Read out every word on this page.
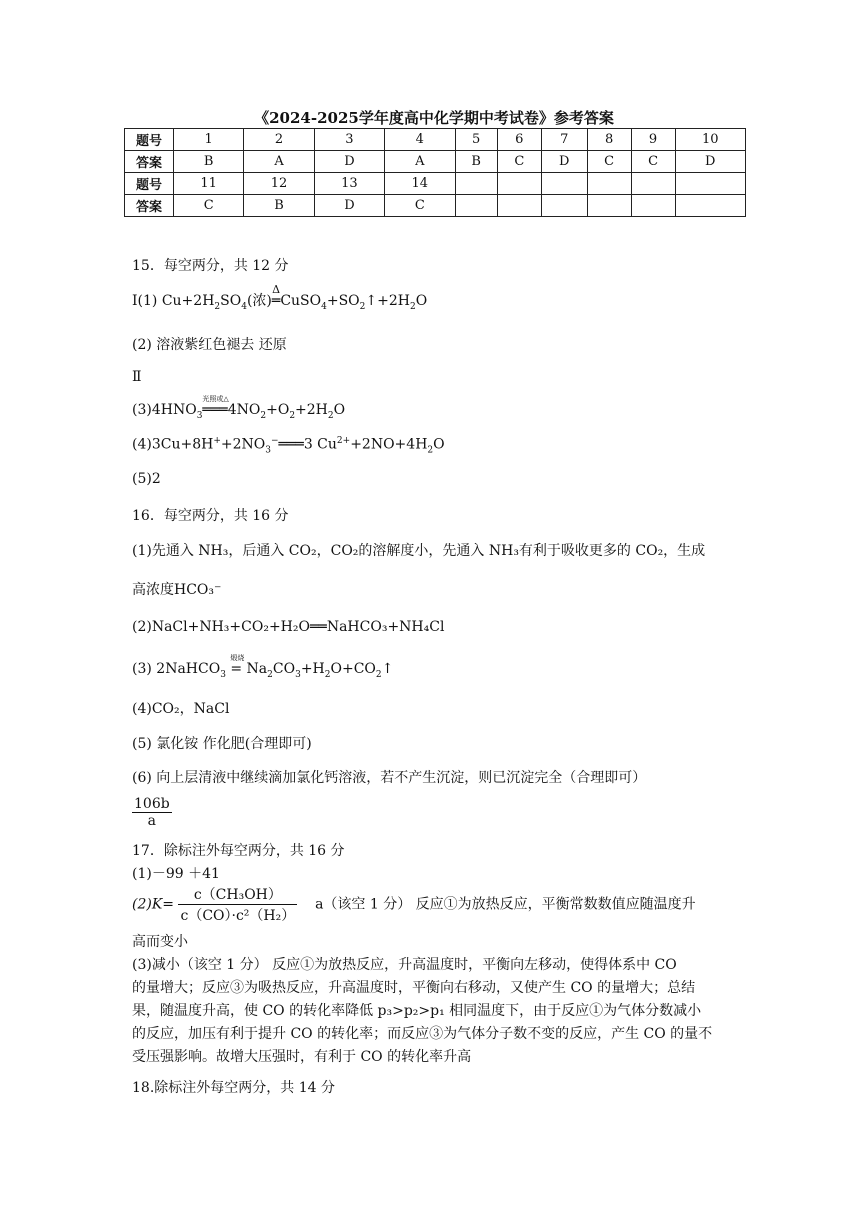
《2024-2025学年度高中化学期中考试卷》参考答案
题号	1	2	3	4	5	6	7	8	9	10
答案	B	A	D	A	B	C	D	C	C	D
题号	11	12	13	14						
答案	C	B	D	C						
15．每空两分，共 12 分
Ⅰ(1) $Cu+2H_2SO_4$(浓)
Δ
$═CuSO_4+SO_2↑+2H_2O$
(2) 溶液紫红色褪去 还原
Ⅱ
$(3)4HNO_3$
光照或△
$═══4NO_2+O_2+2H_2O$
$(4)3Cu+8H^++2NO_3^-═══3$ $Cu^{2+}+2NO+4H_2O$
(5)2
16．每空两分，共 16 分
(1)先通入 NH₃，后通入 CO₂，CO₂的溶解度小，先通入 NH₃有利于吸收更多的 CO₂，生成
高浓度HCO₃⁻
(2)NaCl+NH₃+CO₂+H₂O══NaHCO₃+NH₄Cl
(3) 2NaHCO$_3$
煅烧
= $Na_2CO_3+H_2O+CO_2↑$
(4)CO₂，NaCl
(5) 氯化铵 作化肥(合理即可)
(6) 向上层清液中继续滴加氯化钙溶液，若不产生沉淀，则已沉淀完全（合理即可）
$\frac{106b}{a}$
17．除标注外每空两分，共 16 分
(1)－99 ＋41
$(2)K= \frac{\text{c（CH₃OH）}}{\text{c（CO）·c²（H₂）}} a$（该空 1 分） 反应①为放热反应，平衡常数数值应随温度升
高而变小
(3)减小（该空 1 分） 反应①为放热反应，升高温度时，平衡向左移动，使得体系中 CO
的量增大；反应③为吸热反应，升高温度时，平衡向右移动，又使产生 CO 的量增大；总结
果，随温度升高，使 CO 的转化率降低 p₃>p₂>p₁ 相同温度下，由于反应①为气体分数减小
的反应，加压有利于提升 CO 的转化率；而反应③为气体分子数不变的反应，产生 CO 的量不
受压强影响。故增大压强时，有利于 CO 的转化率升高
18.除标注外每空两分，共 14 分
